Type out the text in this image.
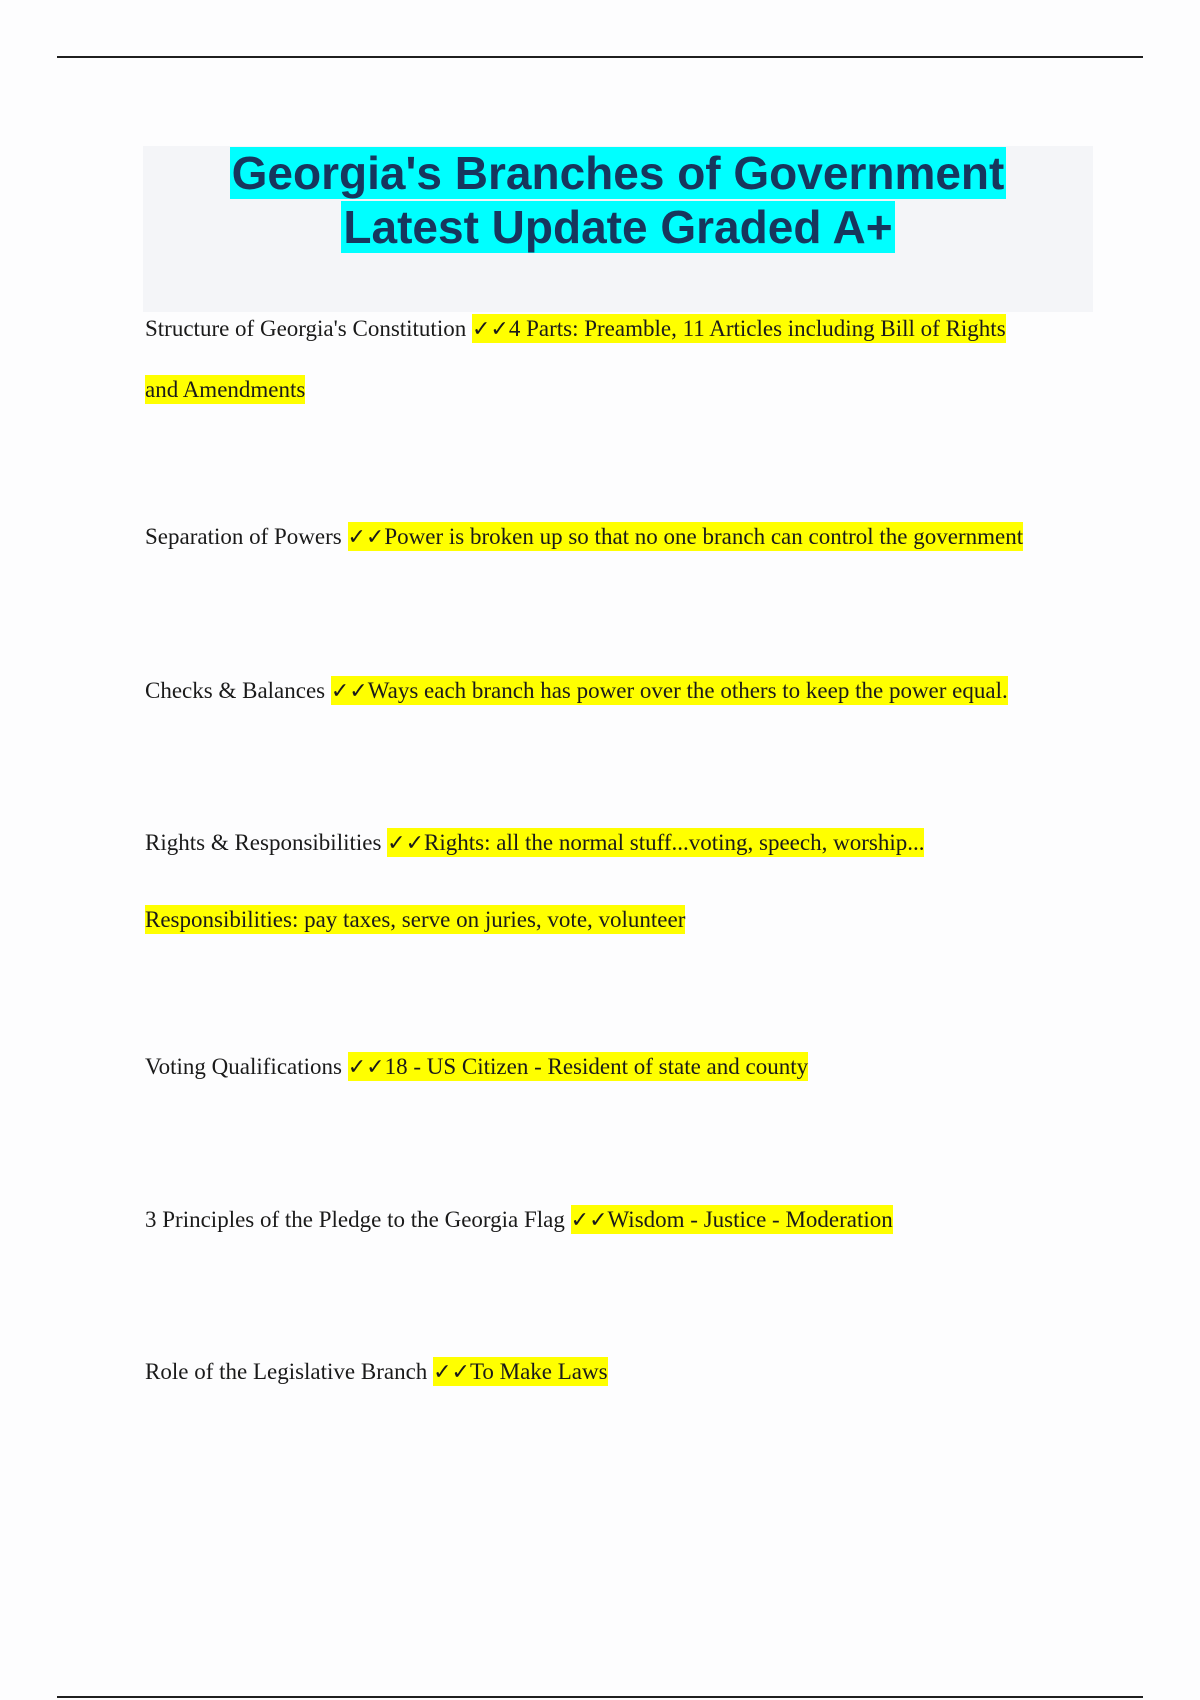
Georgia's Branches of Government
Latest Update Graded A+
Structure of Georgia's Constitution ✓✓4 Parts: Preamble, 11 Articles including Bill of Rights
and Amendments
Separation of Powers ✓✓Power is broken up so that no one branch can control the government
Checks & Balances ✓✓Ways each branch has power over the others to keep the power equal.
Rights & Responsibilities ✓✓Rights: all the normal stuff...voting, speech, worship...
Responsibilities: pay taxes, serve on juries, vote, volunteer
Voting Qualifications ✓✓18 - US Citizen - Resident of state and county
3 Principles of the Pledge to the Georgia Flag ✓✓Wisdom - Justice - Moderation
Role of the Legislative Branch ✓✓To Make Laws
